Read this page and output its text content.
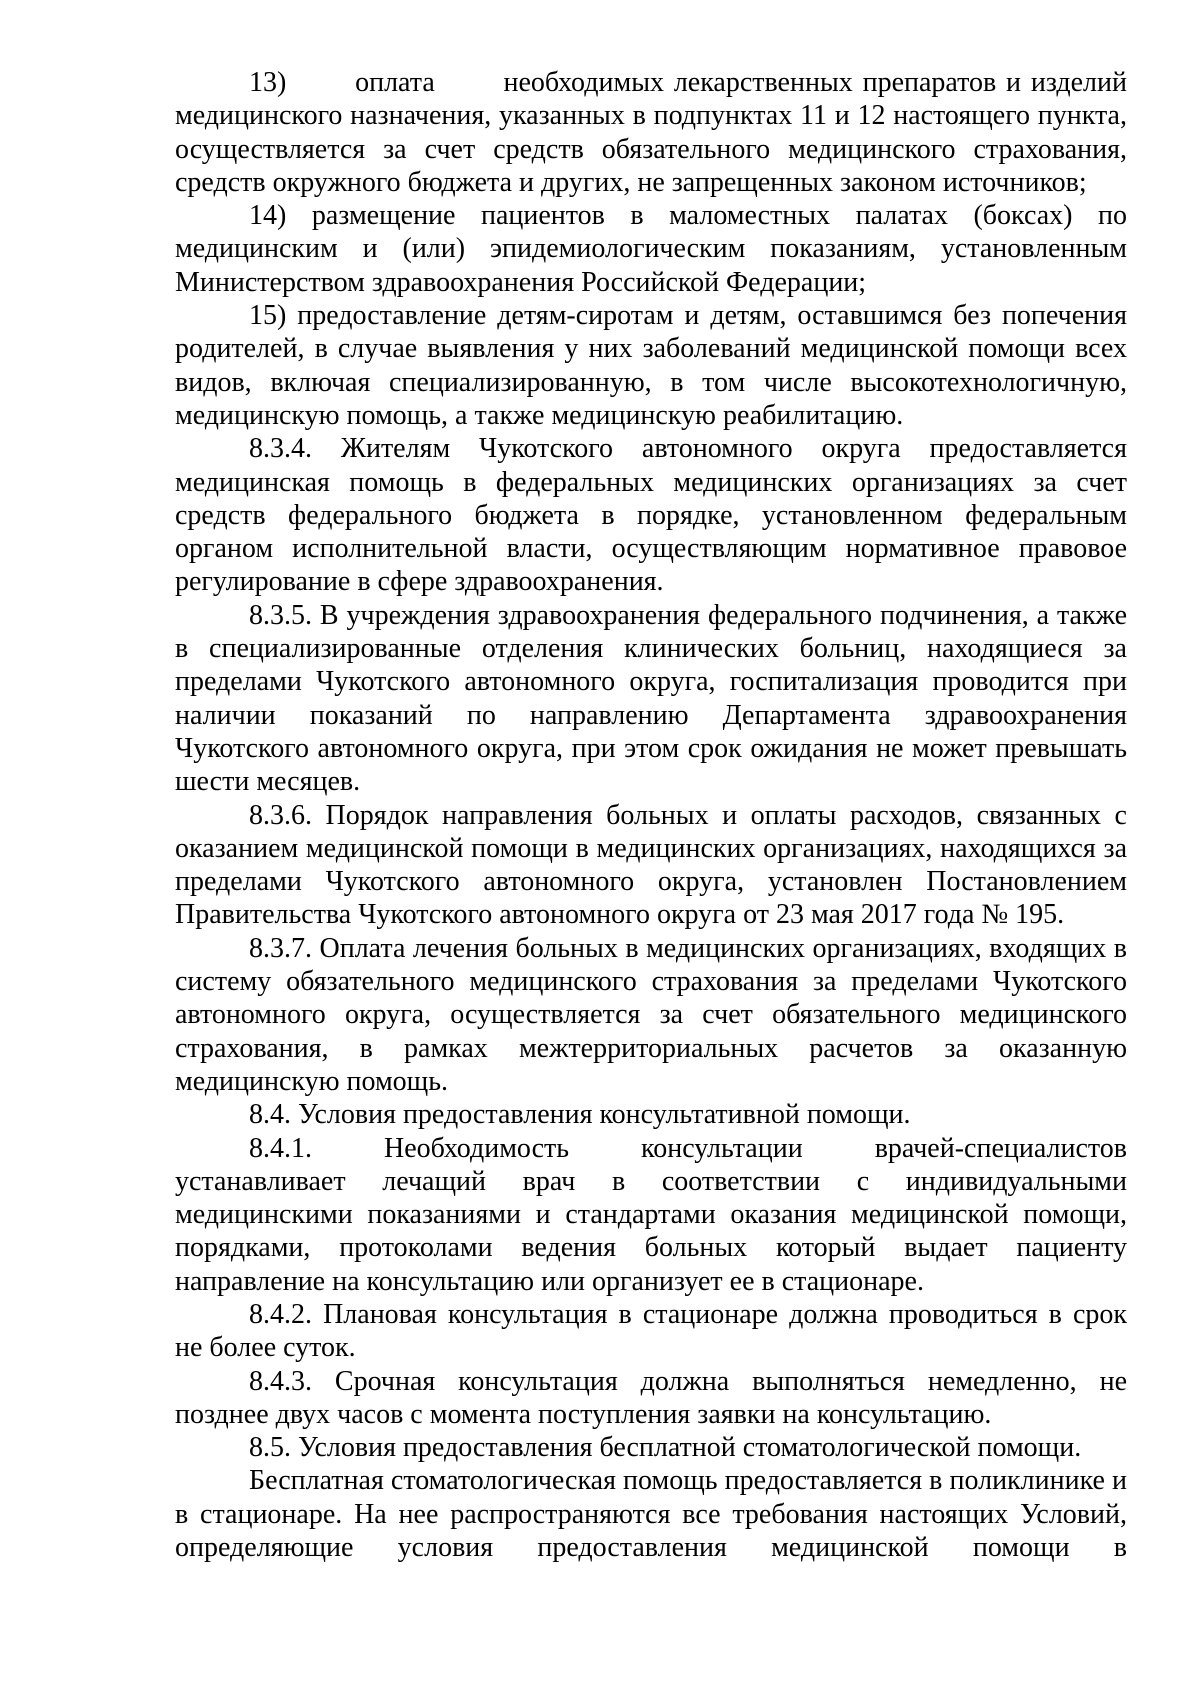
13)       оплата       необходимых лекарственных препаратов и изделий медицинского назначения, указанных в подпунктах 11 и 12 настоящего пункта, осуществляется за счет средств обязательного медицинского страхования, средств окружного бюджета и других, не запрещенных законом источников;

14) размещение пациентов в маломестных палатах (боксах) по медицинским и (или) эпидемиологическим показаниям, установленным Министерством здравоохранения Российской Федерации;

15) предоставление детям-сиротам и детям, оставшимся без попечения родителей, в случае выявления у них заболеваний медицинской помощи всех видов, включая специализированную, в том числе высокотехнологичную, медицинскую помощь, а также медицинскую реабилитацию.

8.3.4. Жителям Чукотского автономного округа предоставляется медицинская помощь в федеральных медицинских организациях за счет средств федерального бюджета в порядке, установленном федеральным органом исполнительной власти, осуществляющим нормативное правовое регулирование в сфере здравоохранения.

8.3.5. В учреждения здравоохранения федерального подчинения, а также в специализированные отделения клинических больниц, находящиеся за пределами Чукотского автономного округа, госпитализация проводится при наличии показаний по направлению Департамента здравоохранения Чукотского автономного округа, при этом срок ожидания не может превышать шести месяцев.

8.3.6. Порядок направления больных и оплаты расходов, связанных с оказанием медицинской помощи в медицинских организациях, находящихся за пределами Чукотского автономного округа, установлен Постановлением Правительства Чукотского автономного округа от 23 мая 2017 года № 195.

8.3.7. Оплата лечения больных в медицинских организациях, входящих в систему обязательного медицинского страхования за пределами Чукотского автономного округа, осуществляется за счет обязательного медицинского страхования, в рамках межтерриториальных расчетов за оказанную медицинскую помощь.

8.4. Условия предоставления консультативной помощи.

8.4.1.        Необходимость        консультации        врачей-специалистов устанавливает лечащий врач в соответствии с индивидуальными медицинскими показаниями и стандартами оказания медицинской помощи, порядками, протоколами ведения больных который выдает пациенту направление на консультацию или организует ее в стационаре.

8.4.2. Плановая консультация в стационаре должна проводиться в срок не более суток.

8.4.3. Срочная консультация должна выполняться немедленно, не позднее двух часов с момента поступления заявки на консультацию.

8.5. Условия предоставления бесплатной стоматологической помощи.

Бесплатная стоматологическая помощь предоставляется в поликлинике и в стационаре. На нее распространяются все требования настоящих Условий, определяющие условия предоставления медицинской помощи в
